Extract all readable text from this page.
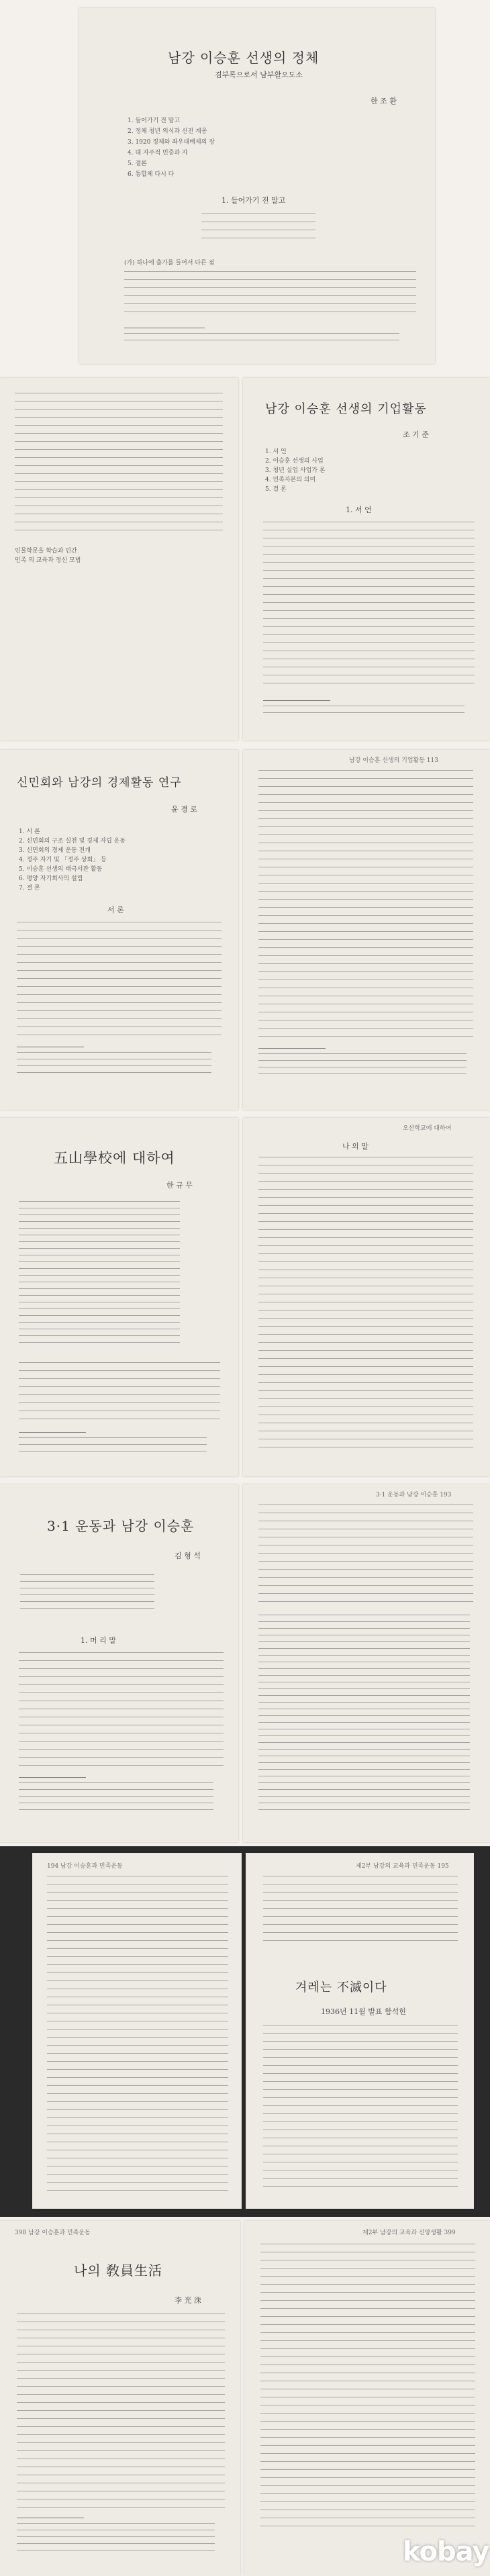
남강 이승훈 선생의 정체
겸부록으로서 남부활오도소
한 조 환
1. 들어가기 전 말고
2. 정체 청년 의식과 신진 계몽
3. 1920 정체와 좌우대배제의 장
4. 대 자주적 민중과 자
5. 결론
6. 통합체 다시 다
1. 들어가기 전 말고
(가) 하나에 출가를 들어서 다른 점
인물학문을 학습과 인간
민족 의 교육과 정신 모범
남강 이승훈 선생의 기업활동
조 기 준
1. 서 언
2. 이승훈 선생의 사업
3. 청년 실업 사업가 론
4. 민족자본의 의미
5. 결 론
1. 서 언
신민회와 남강의 경제활동 연구
윤 경 로
1. 서 론
2. 신민회의 구조 실천 및 경제 자립 운동
3. 신민회의 경제 운동 전개
4. 정주 자기 및 「정주 상회」 등
5. 이승훈 선생의 태극서관 활동
6. 평양 자기회사의 설립
7. 결 론
서 론
남강 이승훈 선생의 기업활동 113
五山學校에 대하여
한 규 무
오산학교에 대하여
나 의 말
3·1 운동과 남강 이승훈
김 형 석
1. 머 리 말
3·1 운동과 남강 이승훈 193
194 남강 이승훈과 민족운동	제2부 남강의 교육과 민족운동 195
겨레는 不滅이다
1936년 11월 발표 함석헌
398 남강 이승훈과 민족운동
나의 敎員生活
李 光 洙
제2부 남강의 교육과 신앙생활 399
kobay
